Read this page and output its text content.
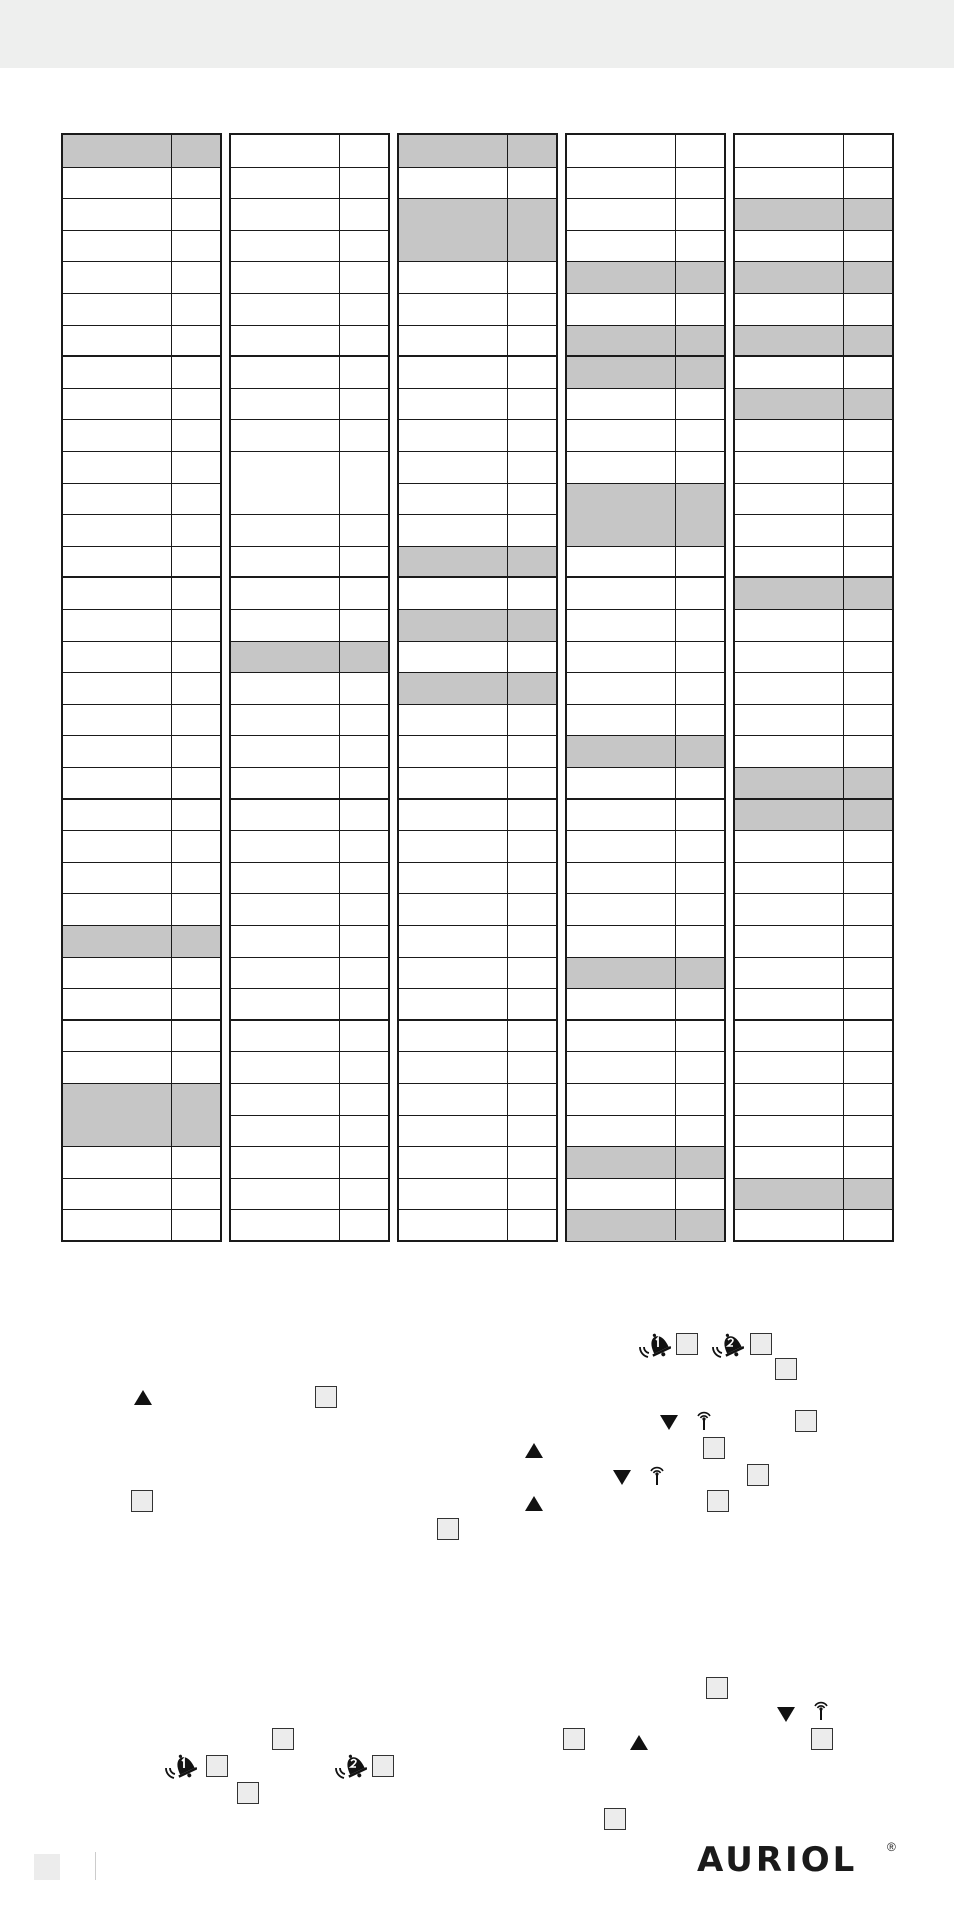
AURIOL ®
